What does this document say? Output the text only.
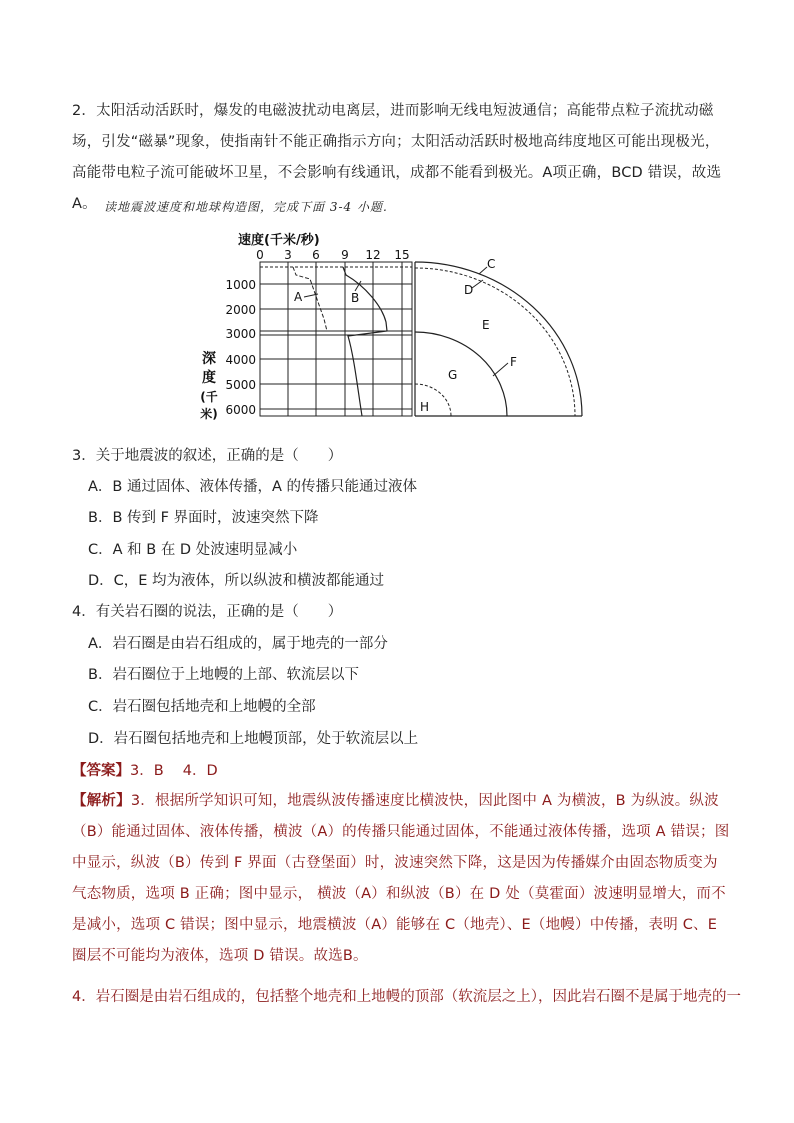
2．太阳活动活跃时，爆发的电磁波扰动电离层，进而影响无线电短波通信；高能带点粒子流扰动磁场，引发“磁暴”现象，使指南针不能正确指示方向；太阳活动活跃时极地高纬度地区可能出现极光，高能带电粒子流可能破坏卫星，不会影响有线通讯，成都不能看到极光。A项正确，BCD 错误，故选A。 读地震波速度和地球构造图，完成下面 3-4 小题.
速度(千米/秒)
0 3 6 9 12 15
1000
2000
3000
4000
5000
6000
深
度
(千
米)
A	B
C
D
E
F
G
H
3．关于地震波的叙述，正确的是（　　）
A．B 通过固体、液体传播，A 的传播只能通过液体
B．B 传到 F 界面时，波速突然下降
C．A 和 B 在 D 处波速明显减小
D．C，E 均为液体，所以纵波和横波都能通过
4．有关岩石圈的说法，正确的是（　　）
A．岩石圈是由岩石组成的，属于地壳的一部分
B．岩石圈位于上地幔的上部、软流层以下
C．岩石圈包括地壳和上地幔的全部
D．岩石圈包括地壳和上地幔顶部，处于软流层以上
【答案】3．B　 4．D
【解析】3．根据所学知识可知，地震纵波传播速度比横波快，因此图中 A 为横波，B 为纵波。纵波（B）能通过固体、液体传播，横波（A）的传播只能通过固体，不能通过液体传播，选项 A 错误；图中显示，纵波（B）传到 F 界面（古登堡面）时，波速突然下降，这是因为传播媒介由固态物质变为气态物质，选项 B 正确；图中显示， 横波（A）和纵波（B）在 D 处（莫霍面）波速明显增大，而不是减小，选项 C 错误；图中显示，地震横波（A）能够在 C（地壳）、E（地幔）中传播，表明 C、E 圈层不可能均为液体，选项 D 错误。故选B。
4．岩石圈是由岩石组成的，包括整个地壳和上地幔的顶部（软流层之上），因此岩石圈不是属于地壳的一
